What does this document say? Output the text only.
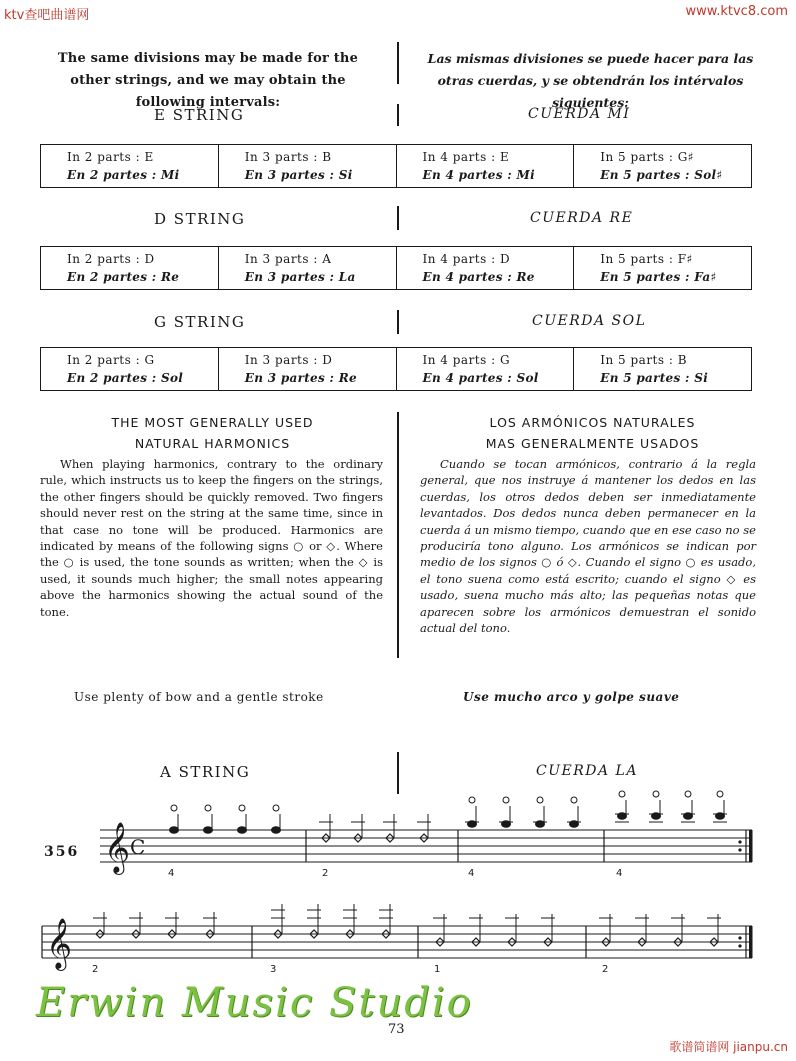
ktv查吧曲谱网	www.ktvc8.com
The same divisions may be made for the other strings, and we may obtain the following intervals:
Las mismas divisiones se puede hacer para las otras cuerdas, y se obtendrán los intérvalos siguientes:
E STRING	CUERDA MI
In 2 parts : E
En 2 partes : Mi

In 3 parts : B
En 3 partes : Si

In 4 parts : E
En 4 partes : Mi

In 5 parts : G♯
En 5 partes : Sol♯
D STRING	CUERDA RE
In 2 parts : D
En 2 partes : Re

In 3 parts : A
En 3 partes : La

In 4 parts : D
En 4 partes : Re

In 5 parts : F♯
En 5 partes : Fa♯
G STRING	CUERDA SOL
In 2 parts : G
En 2 partes : Sol

In 3 parts : D
En 3 partes : Re

In 4 parts : G
En 4 partes : Sol

In 5 parts : B
En 5 partes : Si
THE MOST GENERALLY USED
NATURAL HARMONICS
LOS ARMÓNICOS NATURALES
MAS GENERALMENTE USADOS

When playing harmonics, contrary to the ordinary rule, which instructs us to keep the fingers on the strings, the other fingers should be quickly removed. Two fingers should never rest on the string at the same time, since in that case no tone will be produced. Harmonics are indicated by means of the following signs ○ or ◇. Where the ○ is used, the tone sounds as written; when the ◇ is used, it sounds much higher; the small notes appearing above the harmonics showing the actual sound of the tone.

Cuando se tocan armónicos, contrario á la regla general, que nos instruye á mantener los dedos en las cuerdas, los otros dedos deben ser inmediatamente levantados. Dos dedos nunca deben permanecer en la cuerda á un mismo tiempo, cuando que en ese caso no se produciría tono alguno. Los armónicos se indican por medio de los signos ○ ó ◇. Cuando el signo ○ es usado, el tono suena como está escrito; cuando el signo ◇ es usado, suena mucho más alto; las pequeñas notas que aparecen sobre los armónicos demuestran el sonido actual del tono.

Use plenty of bow and a gentle stroke	Use mucho arco y golpe suave
A STRING	CUERDA LA
356 𝄞 C
4	2	4	4
𝄞
2	3	1	2
Erwin Music Studio
73
歌谱简谱网 jianpu.cn
